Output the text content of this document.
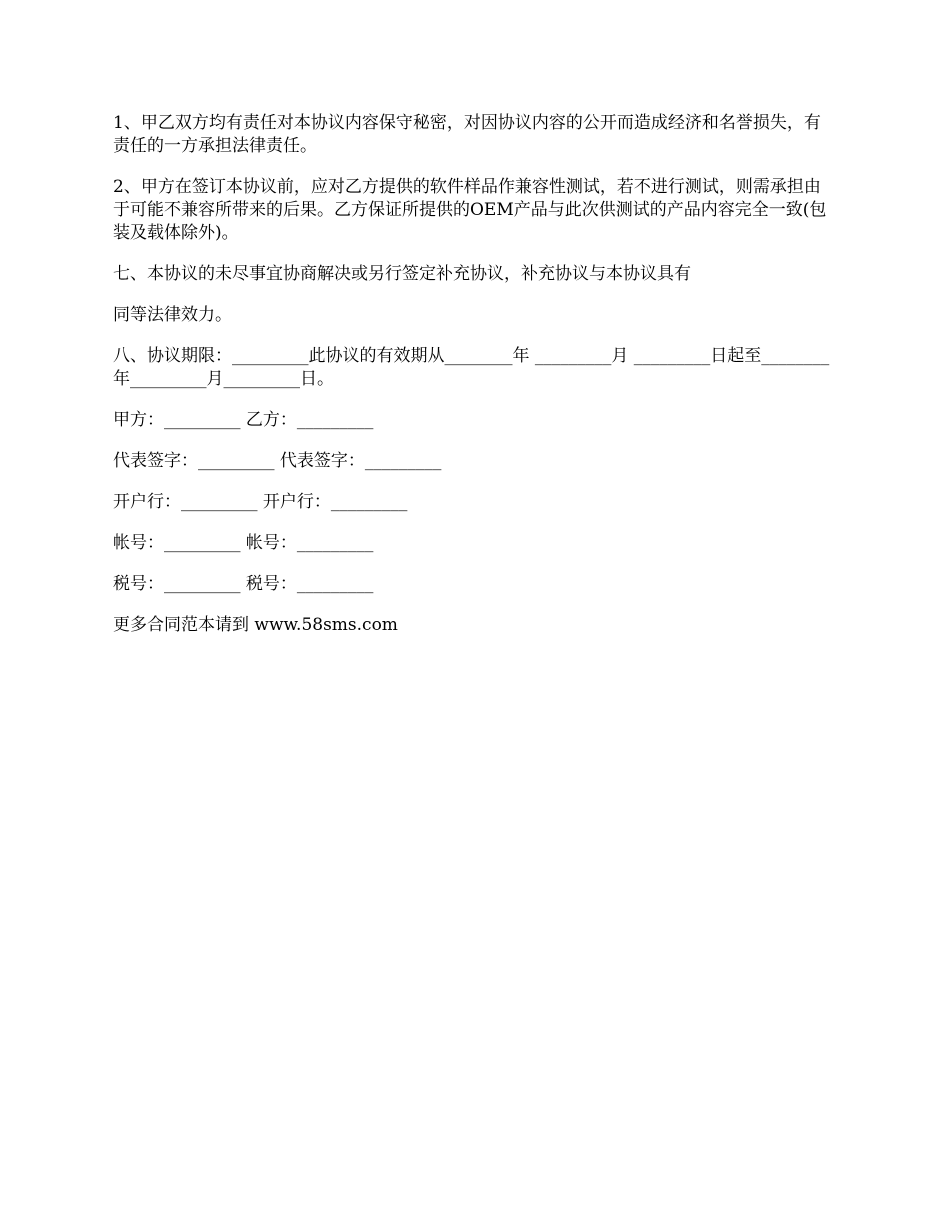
1、甲乙双方均有责任对本协议内容保守秘密，对因协议内容的公开而造成经济和名誉损失，有责任的一方承担法律责任。

2、甲方在签订本协议前，应对乙方提供的软件样品作兼容性测试，若不进行测试，则需承担由于可能不兼容所带来的后果。乙方保证所提供的OEM产品与此次供测试的产品内容完全一致(包装及载体除外)。

七、本协议的未尽事宜协商解决或另行签定补充协议，补充协议与本协议具有

同等法律效力。

八、协议期限：_________此协议的有效期从________年 _________月 _________日起至________年_________月_________日。

甲方：_________ 乙方：_________

代表签字：_________ 代表签字：_________

开户行：_________ 开户行：_________

帐号：_________ 帐号：_________

税号：_________ 税号：_________

更多合同范本请到 www.58sms.com
